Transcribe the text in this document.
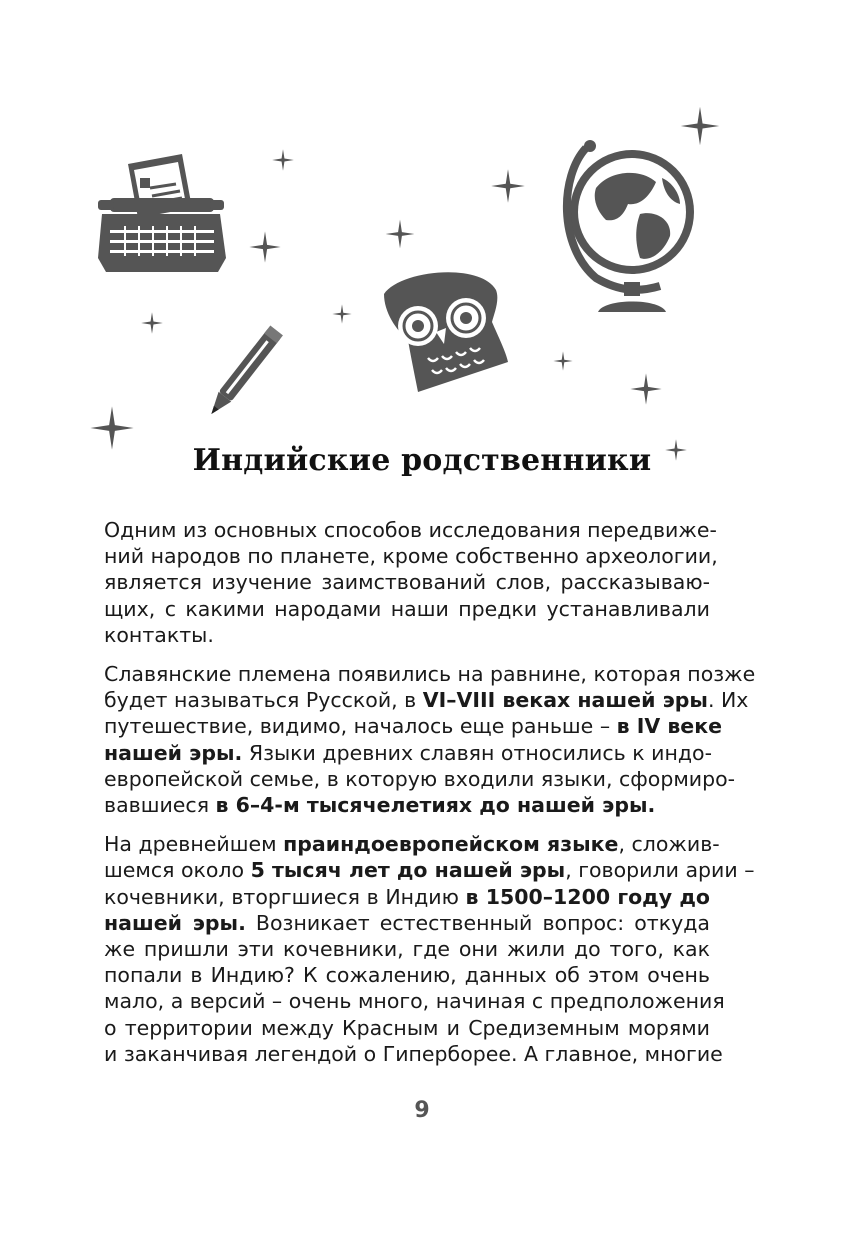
Индийские родственники

Одним из основных способов исследования передвиже-
ний народов по планете, кроме собственно археологии,
является изучение заимствований слов, рассказываю-
щих, с какими народами наши предки устанавливали
контакты.

Славянские племена появились на равнине, которая позже
будет называться Русской, в VI–VIII веках нашей эры. Их
путешествие, видимо, началось еще раньше – в IV веке
нашей эры. Языки древних славян относились к индо-
европейской семье, в которую входили языки, сформиро-
вавшиеся в 6–4-м тысячелетиях до нашей эры.

На древнейшем праиндоевропейском языке, сложив-
шемся около 5 тысяч лет до нашей эры, говорили арии –
кочевники, вторгшиеся в Индию в 1500–1200 году до
нашей эры. Возникает естественный вопрос: откуда
же пришли эти кочевники, где они жили до того, как
попали в Индию? К сожалению, данных об этом очень
мало, а версий – очень много, начиная с предположения
о территории между Красным и Средиземным морями
и заканчивая легендой о Гиперборее. А главное, многие

9
